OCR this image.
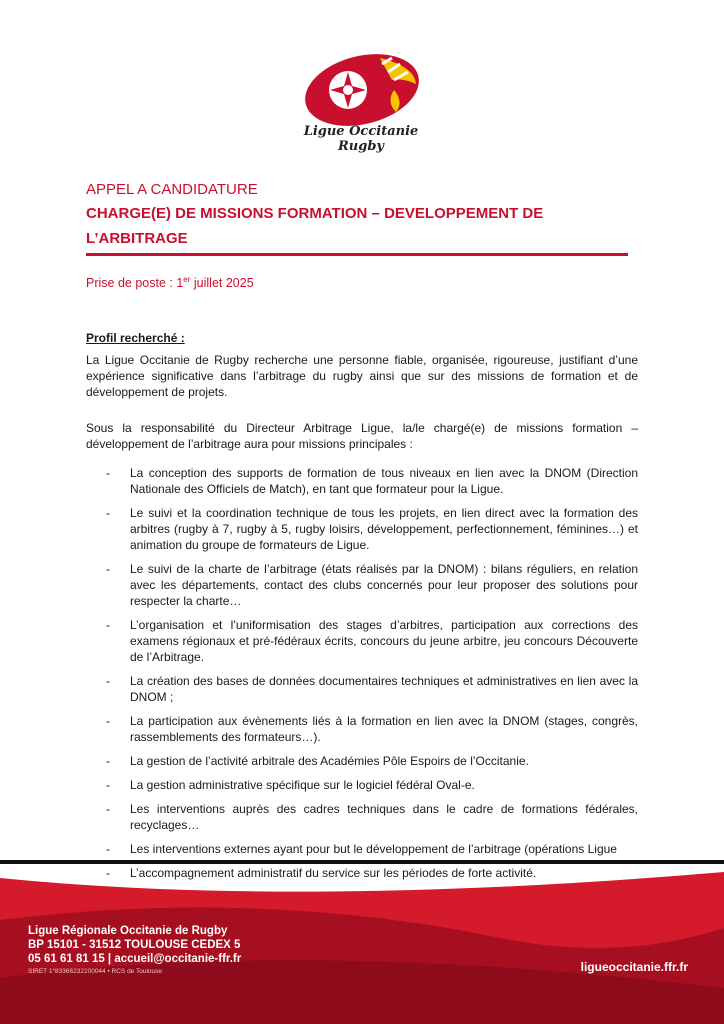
Ligue Occitanie Rugby
APPEL A CANDIDATURE
CHARGE(E) DE MISSIONS FORMATION – DEVELOPPEMENT DE
L’ARBITRAGE
Prise de poste : 1er juillet 2025
Profil recherché :
La Ligue Occitanie de Rugby recherche une personne fiable, organisée, rigoureuse, justifiant d’une expérience significative dans l’arbitrage du rugby ainsi que sur des missions de formation et de développement de projets.
Sous la responsabilité du Directeur Arbitrage Ligue, la/le chargé(e) de missions formation – développement de l’arbitrage aura pour missions principales :
- La conception des supports de formation de tous niveaux en lien avec la DNOM (Direction Nationale des Officiels de Match), en tant que formateur pour la Ligue.
- Le suivi et la coordination technique de tous les projets, en lien direct avec la formation des arbitres (rugby à 7, rugby à 5, rugby loisirs, développement, perfectionnement, féminines…) et animation du groupe de formateurs de Ligue.
- Le suivi de la charte de l’arbitrage (états réalisés par la DNOM) : bilans réguliers, en relation avec les départements, contact des clubs concernés pour leur proposer des solutions pour respecter la charte…
- L’organisation et l’uniformisation des stages d’arbitres, participation aux corrections des examens régionaux et pré-fédéraux écrits, concours du jeune arbitre, jeu concours Découverte de l’Arbitrage.
- La création des bases de données documentaires techniques et administratives en lien avec la DNOM ;
- La participation aux évènements liés à la formation en lien avec la DNOM (stages, congrès, rassemblements des formateurs…).
- La gestion de l’activité arbitrale des Académies Pôle Espoirs de l’Occitanie.
- La gestion administrative spécifique sur le logiciel fédéral Oval-e.
- Les interventions auprès des cadres techniques dans le cadre de formations fédérales, recyclages…
- Les interventions externes ayant pour but le développement de l’arbitrage (opérations Ligue
- L’accompagnement administratif du service sur les périodes de forte activité.
Ligue Régionale Occitanie de Rugby
BP 15101 - 31512 TOULOUSE CEDEX 5
05 61 61 81 15 | accueil@occitanie-ffr.fr
SIRET 1°83366232200044 • RCS de Toulouse	ligueoccitanie.ffr.fr
